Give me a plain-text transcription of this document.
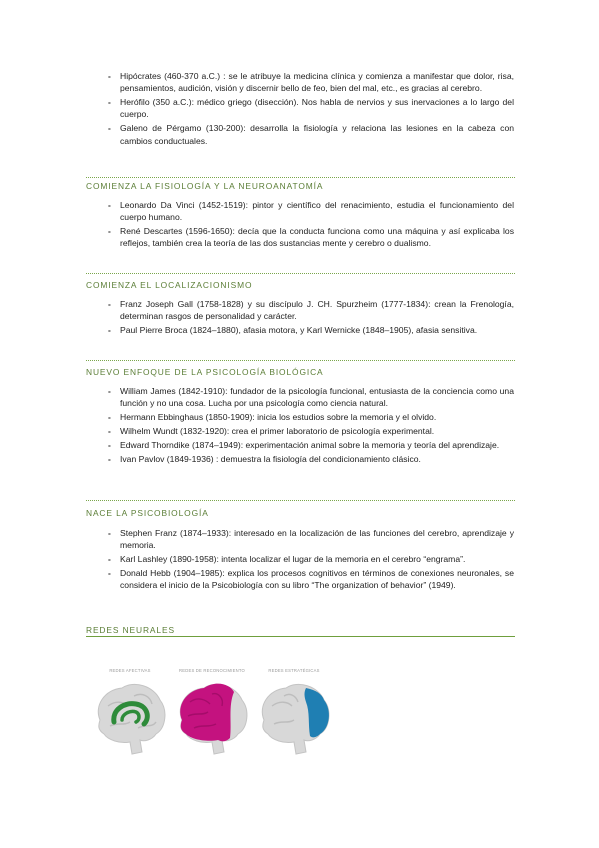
- Hipócrates (460-370 a.C.) : se le atribuye la medicina clínica y comienza a manifestar que dolor, risa, pensamientos, audición, visión y discernir bello de feo, bien del mal, etc., es gracias al cerebro.
- Herófilo (350 a.C.): médico griego (disección). Nos habla de nervios y sus inervaciones a lo largo del cuerpo.
- Galeno de Pérgamo (130-200): desarrolla la fisiología y relaciona las lesiones en la cabeza con cambios conductuales.
COMIENZA LA FISIOLOGÍA Y LA NEUROANATOMÍA
- Leonardo Da Vinci (1452-1519): pintor y científico del renacimiento, estudia el funcionamiento del cuerpo humano.
- René Descartes (1596-1650): decía que la conducta funciona como una máquina y así explicaba los reflejos, también crea la teoría de las dos sustancias mente y cerebro o dualismo.
COMIENZA EL LOCALIZACIONISMO
- Franz Joseph Gall (1758-1828) y su discípulo J. CH. Spurzheim (1777-1834): crean la Frenología, determinan rasgos de personalidad y carácter.
- Paul Pierre Broca (1824–1880), afasia motora, y Karl Wernicke (1848–1905), afasia sensitiva.
NUEVO ENFOQUE DE LA PSICOLOGÍA BIOLÓGICA
- William James (1842-1910): fundador de la psicología funcional, entusiasta de la conciencia como una función y no una cosa. Lucha por una psicología como ciencia natural.
- Hermann Ebbinghaus (1850-1909): inicia los estudios sobre la memoria y el olvido.
- Wilhelm Wundt (1832-1920): crea el primer laboratorio de psicología experimental.
- Edward Thorndike (1874–1949): experimentación animal sobre la memoria y teoría del aprendizaje.
- Ivan Pavlov (1849-1936) : demuestra la fisiología del condicionamiento clásico.
NACE LA PSICOBIOLOGÍA
- Stephen Franz (1874–1933): interesado en la localización de las funciones del cerebro, aprendizaje y memoria.
- Karl Lashley (1890-1958): intenta localizar el lugar de la memoria en el cerebro “engrama”.
- Donald Hebb (1904–1985): explica los procesos cognitivos en términos de conexiones neuronales, se considera el inicio de la Psicobiología con su libro “The organization of behavior” (1949).
REDES NEURALES
REDES AFECTIVAS	REDES DE RECONOCIMIENTO	REDES ESTRATÉGICAS
